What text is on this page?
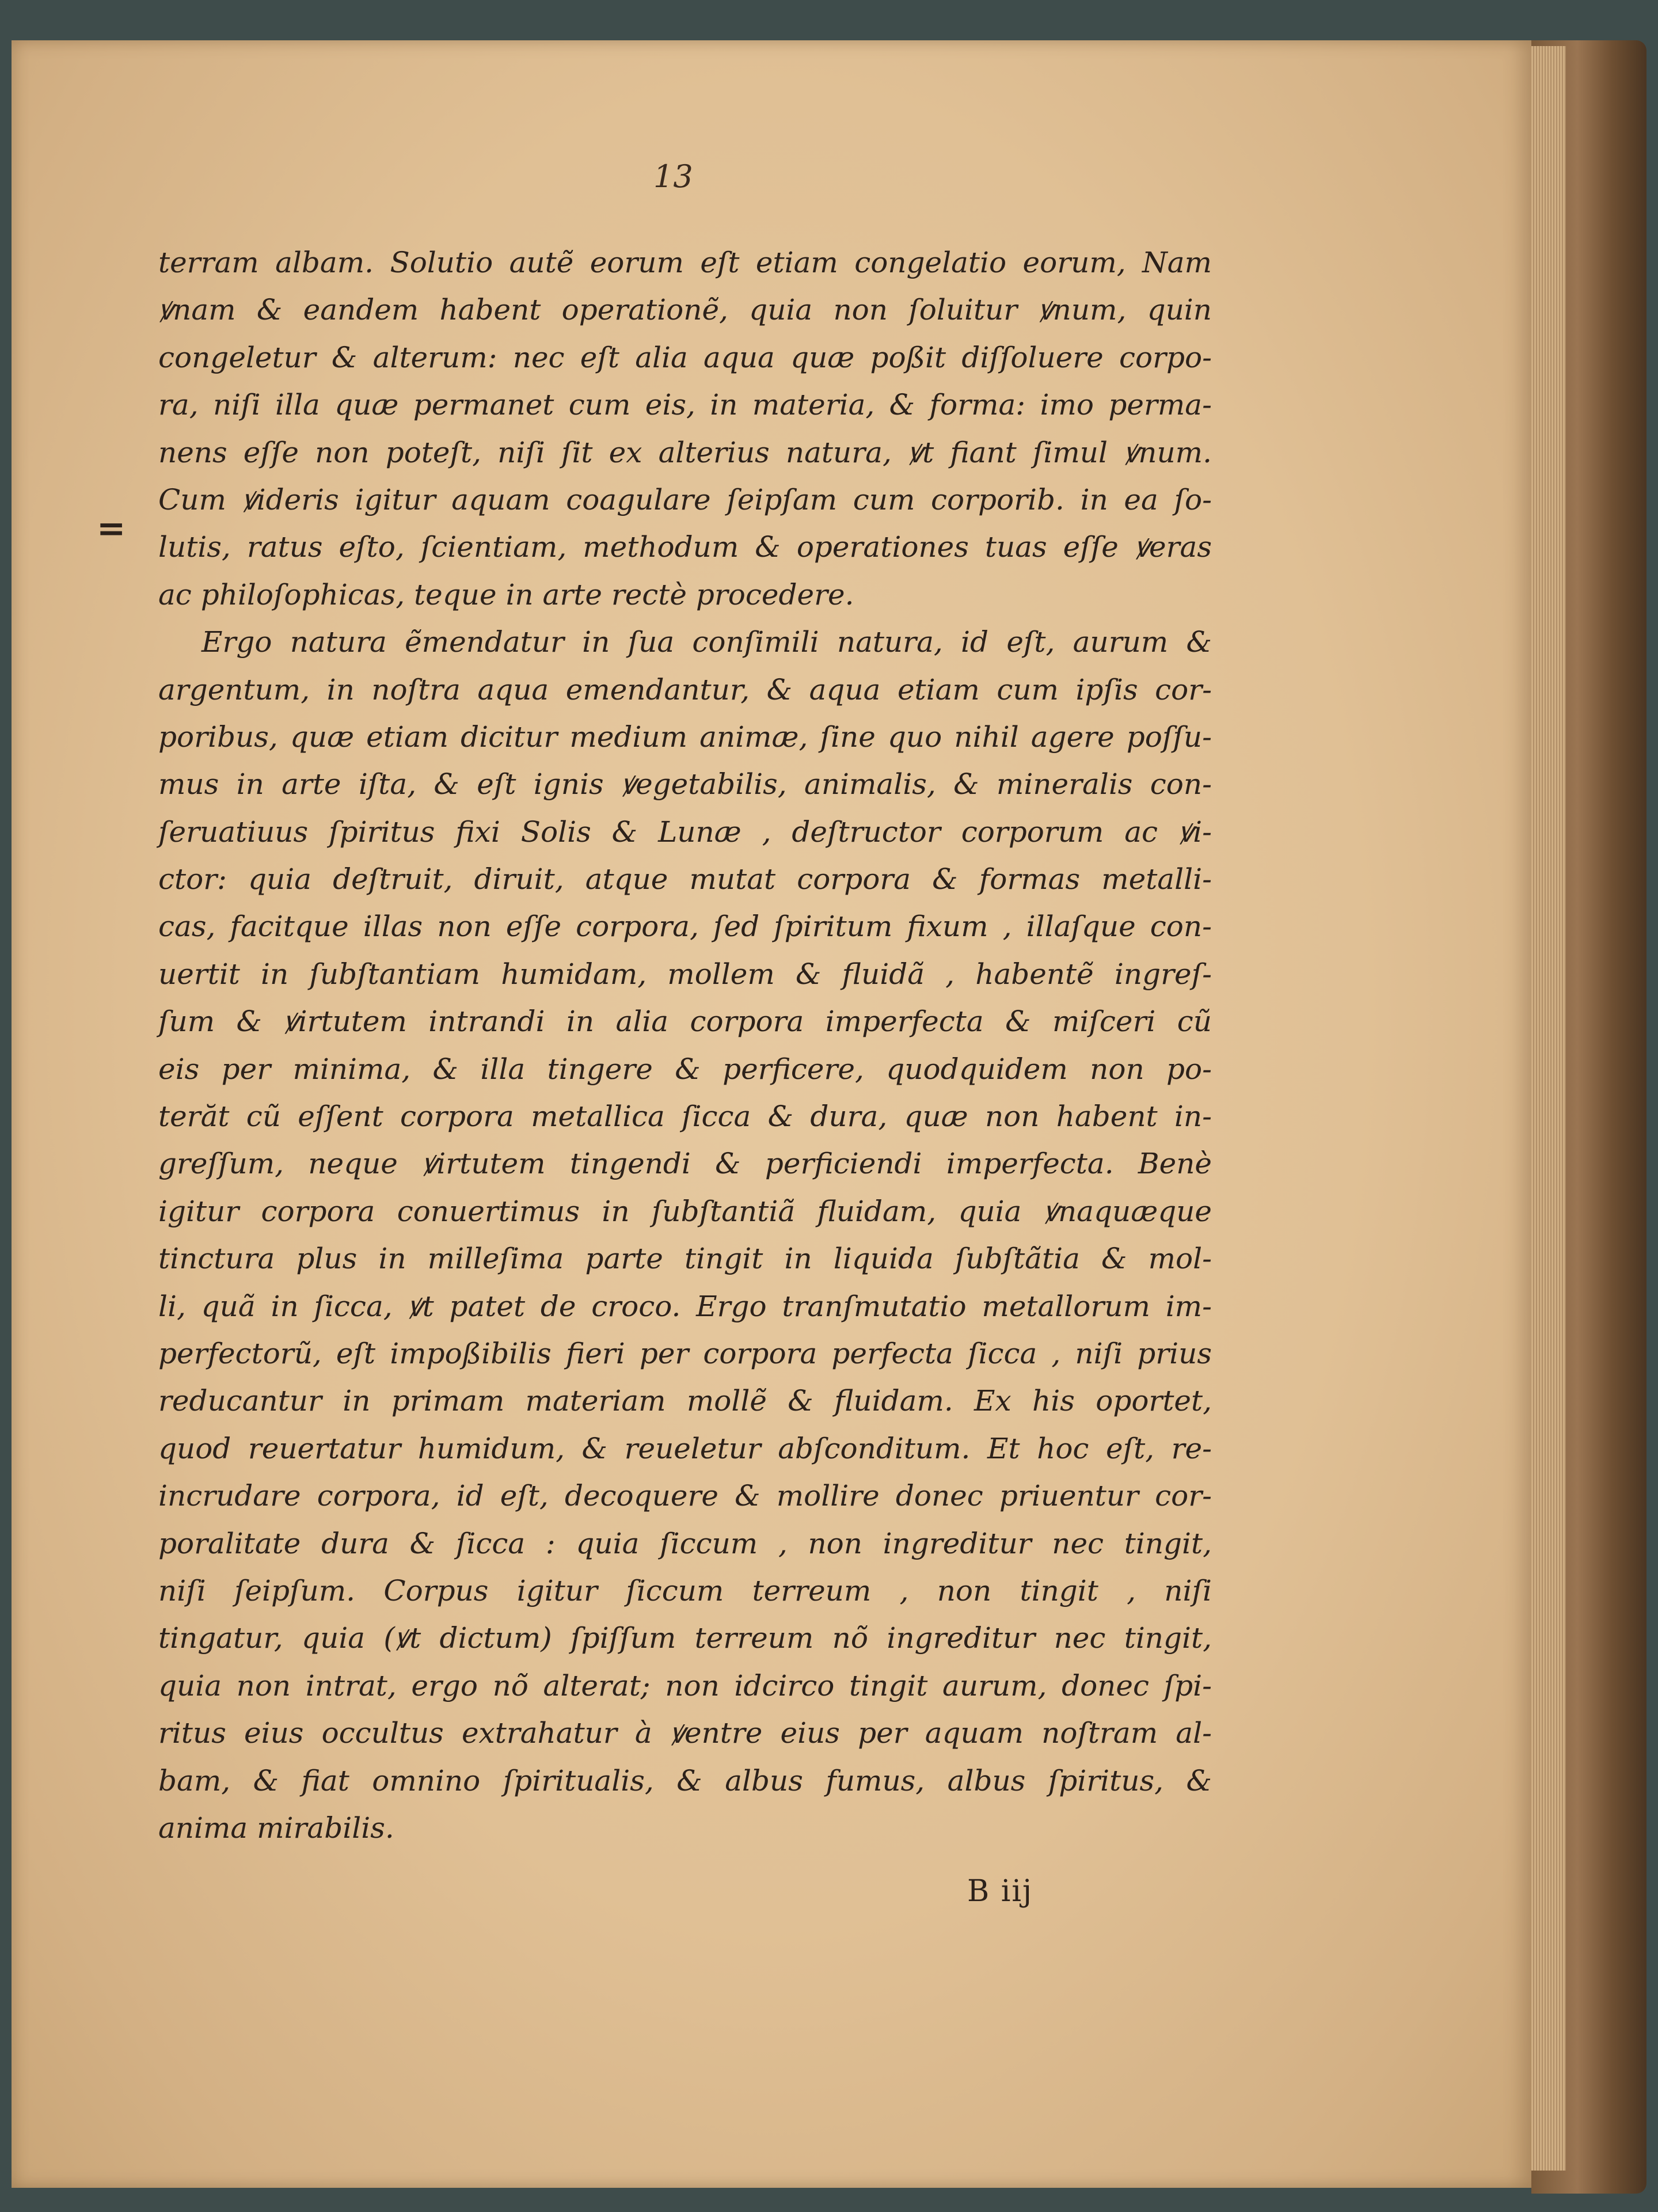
13
=
terram albam. Solutio autẽ eorum eſt etiam congelatio eorum, Nam
ꝟnam & eandem habent operationẽ, quia non ſoluitur ꝟnum, quin
congeletur & alterum: nec eſt alia aqua quæ poßit diſſoluere corpo-
ra, niſi illa quæ permanet cum eis, in materia, & forma: imo perma-
nens eſſe non poteſt, niſi ſit ex alterius natura, ꝟt fiant ſimul ꝟnum.
Cum ꝟideris igitur aquam coagulare ſeipſam cum corporib. in ea ſo-
lutis, ratus eſto, ſcientiam, methodum & operationes tuas eſſe ꝟeras
ac philoſophicas, teque in arte rectè procedere.
Ergo natura ẽmendatur in ſua conſimili natura, id eſt, aurum &
argentum, in noſtra aqua emendantur, & aqua etiam cum ipſis cor-
poribus, quæ etiam dicitur medium animæ, ſine quo nihil agere poſſu-
mus in arte iſta, & eſt ignis ꝟegetabilis, animalis, & mineralis con-
ſeruatiuus ſpiritus fixi Solis & Lunæ , deſtructor corporum ac ꝟi-
ctor: quia deſtruit, diruit, atque mutat corpora & formas metalli-
cas, facitque illas non eſſe corpora, ſed ſpiritum fixum , illaſque con-
uertit in ſubſtantiam humidam, mollem & fluidã , habentẽ ingreſ-
ſum & ꝟirtutem intrandi in alia corpora imperfecta & miſceri cũ
eis per minima, & illa tingere & perficere, quodquidem non po-
terăt cũ eſſent corpora metallica ſicca & dura, quæ non habent in-
greſſum, neque ꝟirtutem tingendi & perficiendi imperfecta. Benè
igitur corpora conuertimus in ſubſtantiã fluidam, quia ꝟnaquæque
tinctura plus in milleſima parte tingit in liquida ſubſtãtia & mol-
li, quã in ſicca, ꝟt patet de croco. Ergo tranſmutatio metallorum im-
perfectorũ, eſt impoßibilis fieri per corpora perfecta ſicca , niſi prius
reducantur in primam materiam mollẽ & fluidam. Ex his oportet,
quod reuertatur humidum, & reueletur abſconditum. Et hoc eſt, re-
incrudare corpora, id eſt, decoquere & mollire donec priuentur cor-
poralitate dura & ſicca : quia ſiccum , non ingreditur nec tingit,
niſi ſeipſum. Corpus igitur ſiccum terreum , non tingit , niſi
tingatur, quia (ꝟt dictum) ſpiſſum terreum nõ ingreditur nec tingit,
quia non intrat, ergo nõ alterat; non idcirco tingit aurum, donec ſpi-
ritus eius occultus extrahatur à ꝟentre eius per aquam noſtram al-
bam, & fiat omnino ſpiritualis, & albus fumus, albus ſpiritus, &
anima mirabilis.
B iij
